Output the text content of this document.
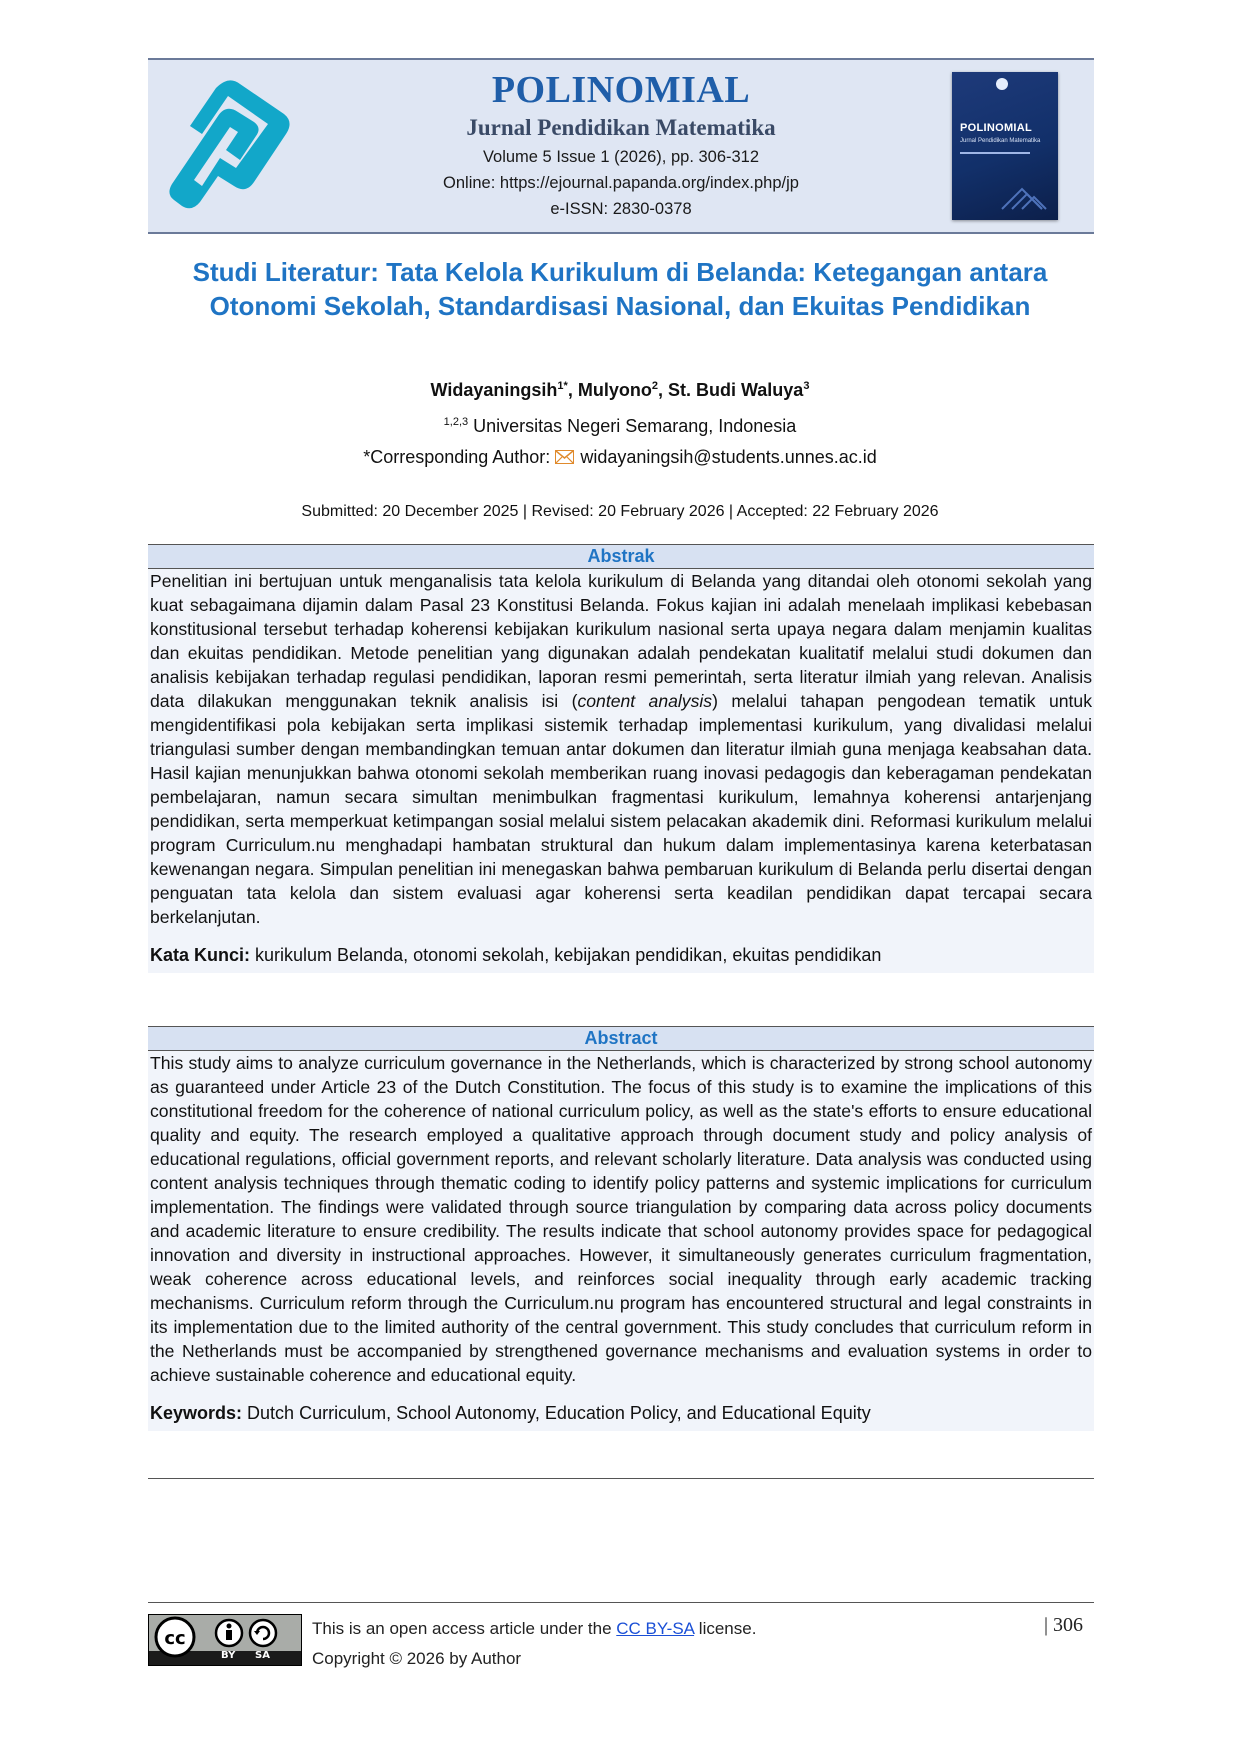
POLINOMIAL
Jurnal Pendidikan Matematika
Volume 5 Issue 1 (2026), pp. 306-312
Online: https://ejournal.papanda.org/index.php/jp
e-ISSN: 2830-0378
POLINOMIAL
Jurnal Pendidikan Matematika
Studi Literatur: Tata Kelola Kurikulum di Belanda: Ketegangan antara Otonomi Sekolah, Standardisasi Nasional, dan Ekuitas Pendidikan
Widayaningsih$^{1*}$, Mulyono$^2$, St. Budi Waluya$^3$
$^{1,2,3}$ Universitas Negeri Semarang, Indonesia
*Corresponding Author: widayaningsih@students.unnes.ac.id
Submitted: 20 December 2025 | Revised: 20 February 2026 | Accepted: 22 February 2026
Abstrak
Penelitian ini bertujuan untuk menganalisis tata kelola kurikulum di Belanda yang ditandai oleh otonomi sekolah yang kuat sebagaimana dijamin dalam Pasal 23 Konstitusi Belanda. Fokus kajian ini adalah menelaah implikasi kebebasan konstitusional tersebut terhadap koherensi kebijakan kurikulum nasional serta upaya negara dalam menjamin kualitas dan ekuitas pendidikan. Metode penelitian yang digunakan adalah pendekatan kualitatif melalui studi dokumen dan analisis kebijakan terhadap regulasi pendidikan, laporan resmi pemerintah, serta literatur ilmiah yang relevan. Analisis data dilakukan menggunakan teknik analisis isi (content analysis) melalui tahapan pengodean tematik untuk mengidentifikasi pola kebijakan serta implikasi sistemik terhadap implementasi kurikulum, yang divalidasi melalui triangulasi sumber dengan membandingkan temuan antar dokumen dan literatur ilmiah guna menjaga keabsahan data. Hasil kajian menunjukkan bahwa otonomi sekolah memberikan ruang inovasi pedagogis dan keberagaman pendekatan pembelajaran, namun secara simultan menimbulkan fragmentasi kurikulum, lemahnya koherensi antarjenjang pendidikan, serta memperkuat ketimpangan sosial melalui sistem pelacakan akademik dini. Reformasi kurikulum melalui program Curriculum.nu menghadapi hambatan struktural dan hukum dalam implementasinya karena keterbatasan kewenangan negara. Simpulan penelitian ini menegaskan bahwa pembaruan kurikulum di Belanda perlu disertai dengan penguatan tata kelola dan sistem evaluasi agar koherensi serta keadilan pendidikan dapat tercapai secara berkelanjutan.
Kata Kunci: kurikulum Belanda, otonomi sekolah, kebijakan pendidikan, ekuitas pendidikan
Abstract
This study aims to analyze curriculum governance in the Netherlands, which is characterized by strong school autonomy as guaranteed under Article 23 of the Dutch Constitution. The focus of this study is to examine the implications of this constitutional freedom for the coherence of national curriculum policy, as well as the state's efforts to ensure educational quality and equity. The research employed a qualitative approach through document study and policy analysis of educational regulations, official government reports, and relevant scholarly literature. Data analysis was conducted using content analysis techniques through thematic coding to identify policy patterns and systemic implications for curriculum implementation. The findings were validated through source triangulation by comparing data across policy documents and academic literature to ensure credibility. The results indicate that school autonomy provides space for pedagogical innovation and diversity in instructional approaches. However, it simultaneously generates curriculum fragmentation, weak coherence across educational levels, and reinforces social inequality through early academic tracking mechanisms. Curriculum reform through the Curriculum.nu program has encountered structural and legal constraints in its implementation due to the limited authority of the central government. This study concludes that curriculum reform in the Netherlands must be accompanied by strengthened governance mechanisms and evaluation systems in order to achieve sustainable coherence and educational equity.
Keywords: Dutch Curriculum, School Autonomy, Education Policy, and Educational Equity
cc
BY SA
This is an open access article under the CC BY-SA license.
Copyright © 2026 by Author
| 306
